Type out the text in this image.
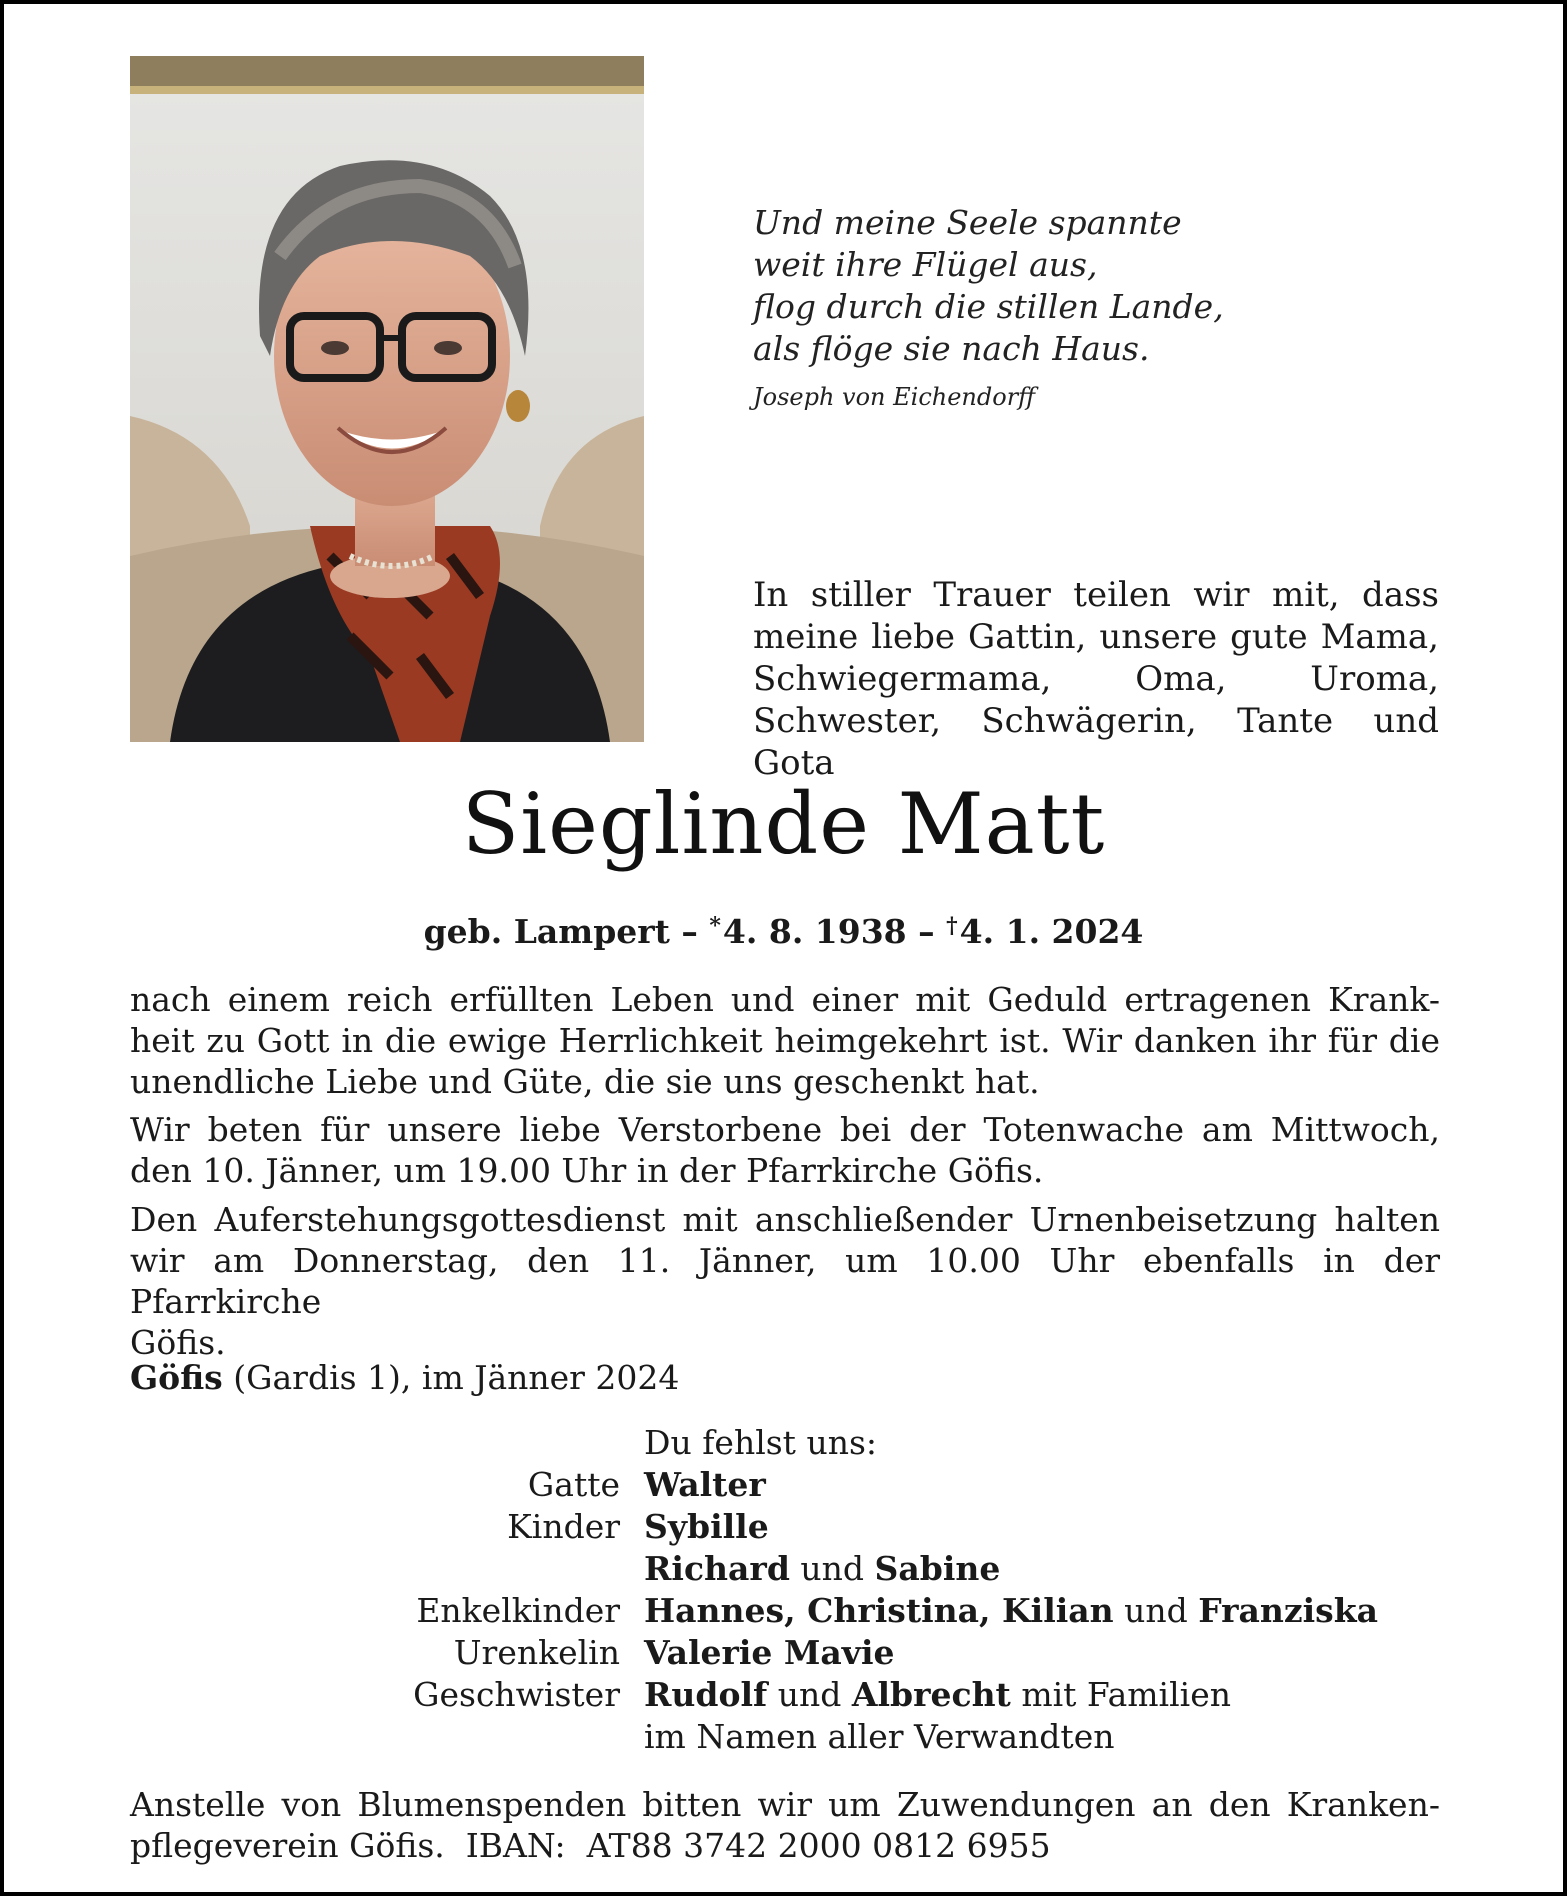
Und meine Seele spannte
weit ihre Flügel aus,
flog durch die stillen Lande,
als flöge sie nach Haus.
Joseph von Eichendorff
In stiller Trauer teilen wir mit, dass
meine liebe Gattin, unsere gute Mama,
Schwiegermama, Oma, Uroma,
Schwester, Schwägerin, Tante und Gota
Sieglinde Matt
geb. Lampert – *4. 8. 1938 – †4. 1. 2024
nach einem reich erfüllten Leben und einer mit Geduld ertragenen Krank-
heit zu Gott in die ewige Herrlichkeit heimgekehrt ist. Wir danken ihr für die
unendliche Liebe und Güte, die sie uns geschenkt hat.
Wir beten für unsere liebe Verstorbene bei der Totenwache am Mittwoch,
den 10. Jänner, um 19.00 Uhr in der Pfarrkirche Göfis.
Den Auferstehungsgottesdienst mit anschließender Urnenbeisetzung halten
wir am Donnerstag, den 11. Jänner, um 10.00 Uhr ebenfalls in der Pfarrkirche
Göfis.
Göfis (Gardis 1), im Jänner 2024
Du fehlst uns:
Gatte Walter
Kinder Sybille
Richard und Sabine
Enkelkinder Hannes, Christina, Kilian und Franziska
Urenkelin Valerie Mavie
Geschwister Rudolf und Albrecht mit Familien
im Namen aller Verwandten
Anstelle von Blumenspenden bitten wir um Zuwendungen an den Kranken-
pflegeverein Göfis.  IBAN:  AT88 3742 2000 0812 6955
